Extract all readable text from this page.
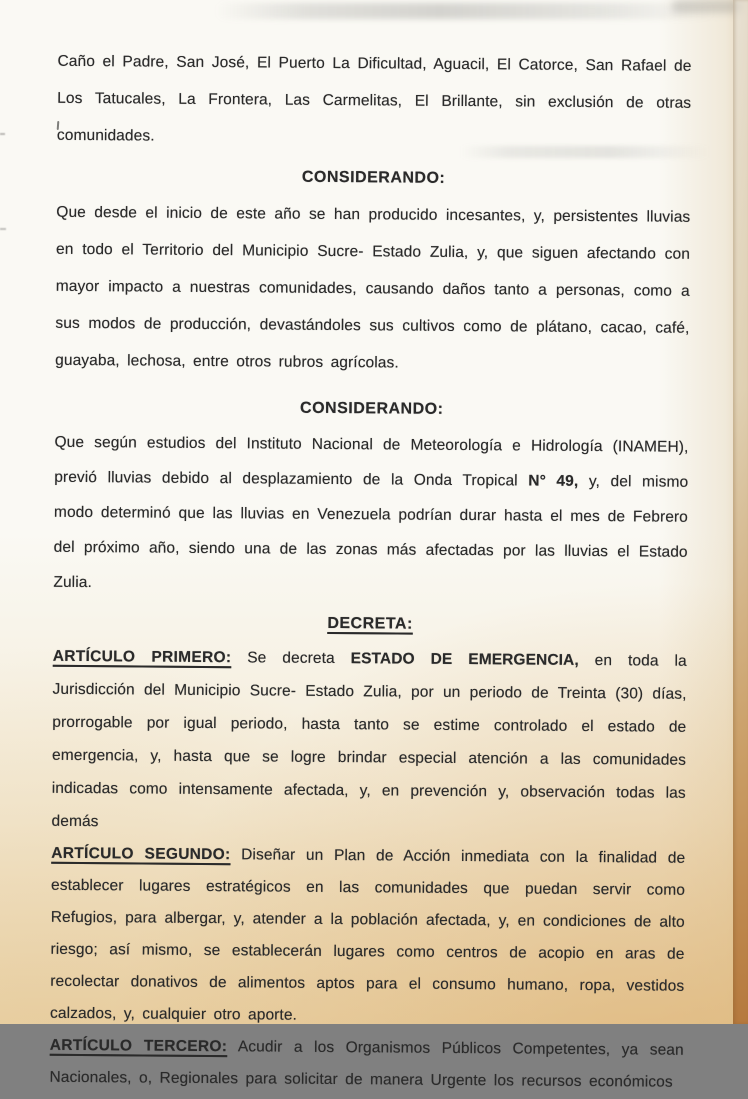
Caño el Padre, San José, El Puerto La Dificultad, Aguacil, El Catorce, San Rafael de Los Tatucales, La Frontera, Las Carmelitas, El Brillante, sin exclusión de otras comunidades.

CONSIDERANDO:

Que desde el inicio de este año se han producido incesantes, y, persistentes lluvias en todo el Territorio del Municipio Sucre- Estado Zulia, y, que siguen afectando con mayor impacto a nuestras comunidades, causando daños tanto a personas, como a sus modos de producción, devastándoles sus cultivos como de plátano, cacao, café, guayaba, lechosa, entre otros rubros agrícolas.

CONSIDERANDO:

Que según estudios del Instituto Nacional de Meteorología e Hidrología (INAMEH), previó lluvias debido al desplazamiento de la Onda Tropical N° 49, y, del mismo modo determinó que las lluvias en Venezuela podrían durar hasta el mes de Febrero del próximo año, siendo una de las zonas más afectadas por las lluvias el Estado Zulia.

DECRETA:

ARTÍCULO PRIMERO: Se decreta ESTADO DE EMERGENCIA, en toda la Jurisdicción del Municipio Sucre- Estado Zulia, por un periodo de Treinta (30) días, prorrogable por igual periodo, hasta tanto se estime controlado el estado de emergencia, y, hasta que se logre brindar especial atención a las comunidades indicadas como intensamente afectada, y, en prevención y, observación todas las demás

ARTÍCULO SEGUNDO: Diseñar un Plan de Acción inmediata con la finalidad de establecer lugares estratégicos en las comunidades que puedan servir como Refugios, para albergar, y, atender a la población afectada, y, en condiciones de alto riesgo; así mismo, se establecerán lugares como centros de acopio en aras de recolectar donativos de alimentos aptos para el consumo humano, ropa, vestidos calzados, y, cualquier otro aporte.

ARTÍCULO TERCERO: Acudir a los Organismos Públicos Competentes, ya sean Nacionales, o, Regionales para solicitar de manera Urgente los recursos económicos
